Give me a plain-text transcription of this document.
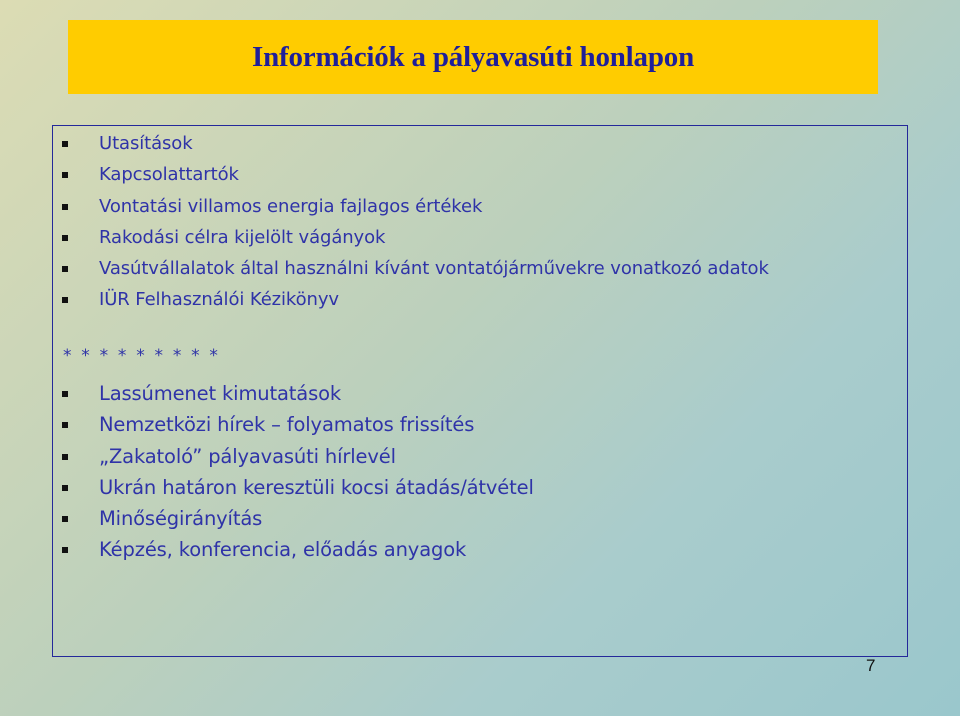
Információk a pályavasúti honlapon
Utasítások
Kapcsolattartók
Vontatási villamos energia fajlagos értékek
Rakodási célra kijelölt vágányok
Vasútvállalatok által használni kívánt vontatójárművekre vonatkozó adatok
IÜR Felhasználói Kézikönyv
* * * * * * * * *
Lassúmenet kimutatások
Nemzetközi hírek – folyamatos frissítés
„Zakatoló” pályavasúti hírlevél
Ukrán határon keresztüli kocsi átadás/átvétel
Minőségirányítás
Képzés, konferencia, előadás anyagok
7
